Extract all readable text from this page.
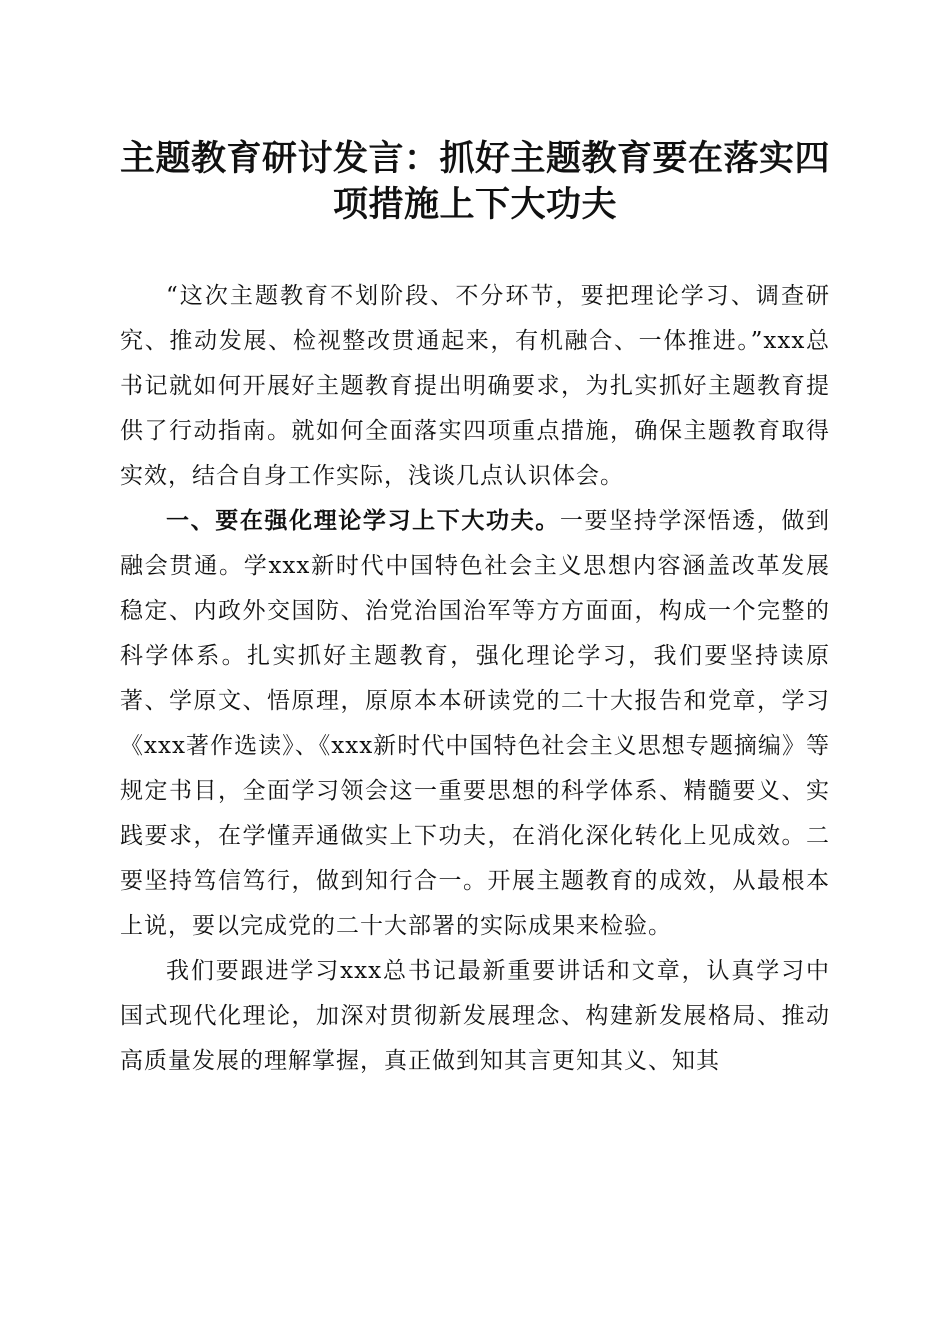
主题教育研讨发言：抓好主题教育要在落实四
项措施上下大功夫

“这次主题教育不划阶段、不分环节，要把理论学习、调查研究、推动发展、检视整改贯通起来，有机融合、一体推进。”xxx总书记就如何开展好主题教育提出明确要求，为扎实抓好主题教育提供了行动指南。就如何全面落实四项重点措施，确保主题教育取得实效，结合自身工作实际，浅谈几点认识体会。

一、要在强化理论学习上下大功夫。一要坚持学深悟透，做到融会贯通。学xxx新时代中国特色社会主义思想内容涵盖改革发展稳定、内政外交国防、治党治国治军等方方面面，构成一个完整的科学体系。扎实抓好主题教育，强化理论学习，我们要坚持读原著、学原文、悟原理，原原本本研读党的二十大报告和党章，学习《xxx著作选读》、《xxx新时代中国特色社会主义思想专题摘编》等规定书目，全面学习领会这一重要思想的科学体系、精髓要义、实践要求，在学懂弄通做实上下功夫，在消化深化转化上见成效。二要坚持笃信笃行，做到知行合一。开展主题教育的成效，从最根本上说，要以完成党的二十大部署的实际成果来检验。

我们要跟进学习xxx总书记最新重要讲话和文章，认真学习中国式现代化理论，加深对贯彻新发展理念、构建新发展格局、推动高质量发展的理解掌握，真正做到知其言更知其义、知其
